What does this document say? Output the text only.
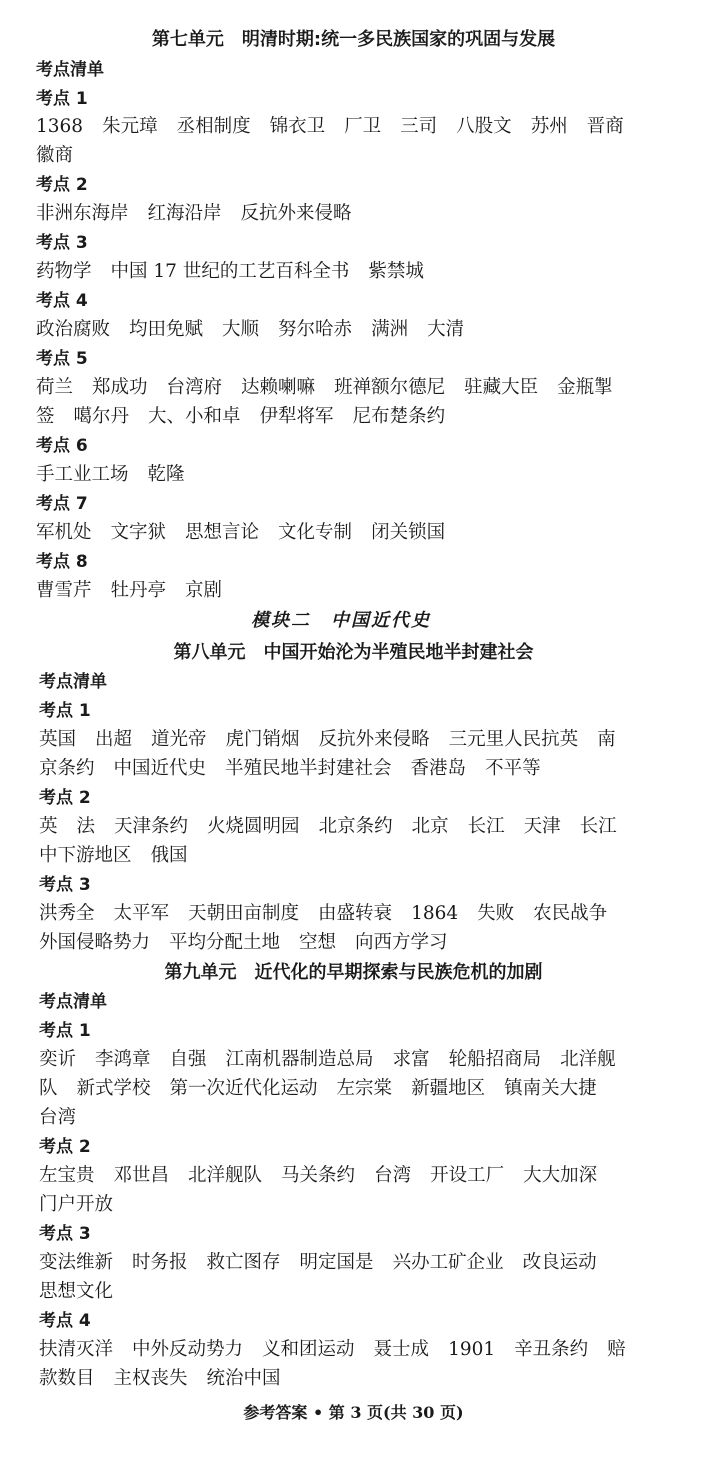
第七单元　明清时期:统一多民族国家的巩固与发展
考点清单
考点 1
1368 朱元璋 丞相制度 锦衣卫 厂卫 三司 八股文 苏州 晋商
徽商
考点 2
非洲东海岸 红海沿岸 反抗外来侵略
考点 3
药物学 中国 17 世纪的工艺百科全书 紫禁城
考点 4
政治腐败 均田免赋 大顺 努尔哈赤 满洲 大清
考点 5
荷兰 郑成功 台湾府 达赖喇嘛 班禅额尔德尼 驻藏大臣 金瓶掣
签 噶尔丹 大、小和卓 伊犁将军 尼布楚条约
考点 6
手工业工场 乾隆
考点 7
军机处 文字狱 思想言论 文化专制 闭关锁国
考点 8
曹雪芹 牡丹亭 京剧
模块二　中国近代史
第八单元　中国开始沦为半殖民地半封建社会
考点清单
考点 1
英国 出超 道光帝 虎门销烟 反抗外来侵略 三元里人民抗英 南
京条约 中国近代史 半殖民地半封建社会 香港岛 不平等
考点 2
英 法 天津条约 火烧圆明园 北京条约 北京 长江 天津 长江
中下游地区 俄国
考点 3
洪秀全 太平军 天朝田亩制度 由盛转衰 1864 失败 农民战争
外国侵略势力 平均分配土地 空想 向西方学习
第九单元　近代化的早期探索与民族危机的加剧
考点清单
考点 1
奕䜣 李鸿章 自强 江南机器制造总局 求富 轮船招商局 北洋舰
队 新式学校 第一次近代化运动 左宗棠 新疆地区 镇南关大捷
台湾
考点 2
左宝贵 邓世昌 北洋舰队 马关条约 台湾 开设工厂 大大加深
门户开放
考点 3
变法维新 时务报 救亡图存 明定国是 兴办工矿企业 改良运动
思想文化
考点 4
扶清灭洋 中外反动势力 义和团运动 聂士成 1901 辛丑条约 赔
款数目 主权丧失 统治中国
参考答案 • 第 3 页(共 30 页)
